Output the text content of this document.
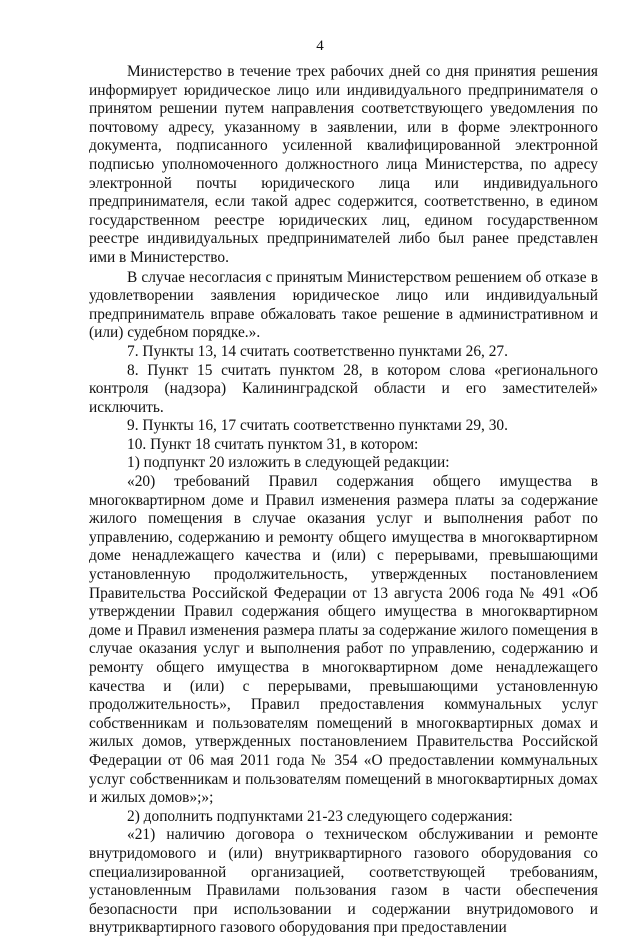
4

Министерство в течение трех рабочих дней со дня принятия решения информирует юридическое лицо или индивидуального предпринимателя о принятом решении путем направления соответствующего уведомления по почтовому адресу, указанному в заявлении, или в форме электронного документа, подписанного усиленной квалифицированной электронной подписью уполномоченного должностного лица Министерства, по адресу электронной почты юридического лица или индивидуального предпринимателя, если такой адрес содержится, соответственно, в едином государственном реестре юридических лиц, едином государственном реестре индивидуальных предпринимателей либо был ранее представлен ими в Министерство.

В случае несогласия с принятым Министерством решением об отказе в удовлетворении заявления юридическое лицо или индивидуальный предприниматель вправе обжаловать такое решение в административном и (или) судебном порядке.».

7. Пункты 13, 14 считать соответственно пунктами 26, 27.

8. Пункт 15 считать пунктом 28, в котором слова «регионального контроля (надзора) Калининградской области и его заместителей» исключить.

9. Пункты 16, 17 считать соответственно пунктами 29, 30.

10. Пункт 18 считать пунктом 31, в котором:

1) подпункт 20 изложить в следующей редакции:

«20) требований Правил содержания общего имущества в многоквартирном доме и Правил изменения размера платы за содержание жилого помещения в случае оказания услуг и выполнения работ по управлению, содержанию и ремонту общего имущества в многоквартирном доме ненадлежащего качества и (или) с перерывами, превышающими установленную продолжительность, утвержденных постановлением Правительства Российской Федерации от 13 августа 2006 года № 491 «Об утверждении Правил содержания общего имущества в многоквартирном доме и Правил изменения размера платы за содержание жилого помещения в случае оказания услуг и выполнения работ по управлению, содержанию и ремонту общего имущества в многоквартирном доме ненадлежащего качества и (или) с перерывами, превышающими установленную продолжительность», Правил предоставления коммунальных услуг собственникам и пользователям помещений в многоквартирных домах и жилых домов, утвержденных постановлением Правительства Российской Федерации от 06 мая 2011 года № 354 «О предоставлении коммунальных услуг собственникам и пользователям помещений в многоквартирных домах и жилых домов»;»;

2) дополнить подпунктами 21-23 следующего содержания:

«21) наличию договора о техническом обслуживании и ремонте внутридомового и (или) внутриквартирного газового оборудования со специализированной организацией, соответствующей требованиям, установленным Правилами пользования газом в части обеспечения безопасности при использовании и содержании внутридомового и внутриквартирного газового оборудования при предоставлении
